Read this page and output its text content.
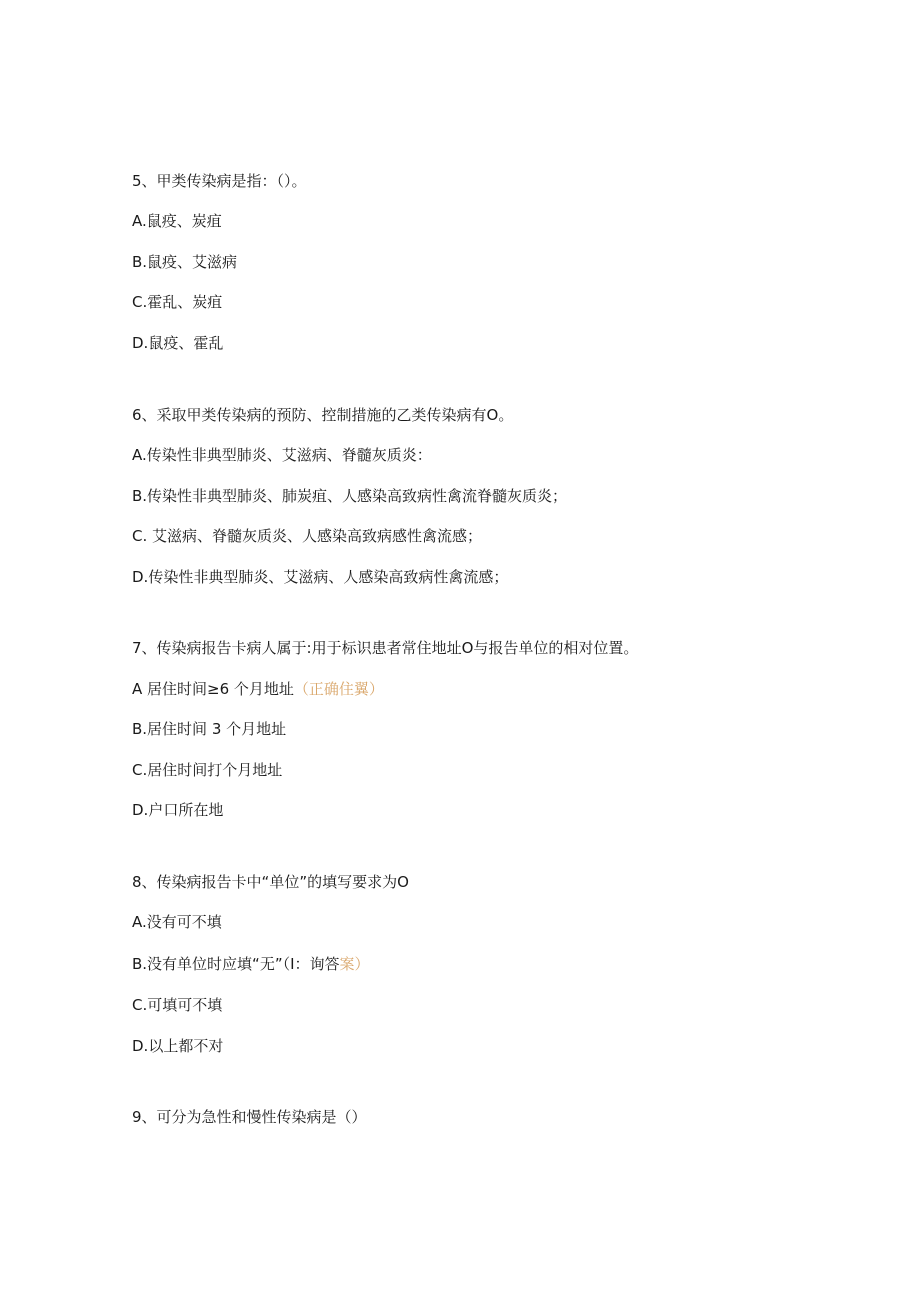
5、甲类传染病是指：（）。
A.鼠疫、炭疽
B.鼠疫、艾滋病
C.霍乱、炭疽
D.鼠疫、霍乱
6、采取甲类传染病的预防、控制措施的乙类传染病有O。
A.传染性非典型肺炎、艾滋病、脊髓灰质炎：
B.传染性非典型肺炎、肺炭疽、人感染高致病性禽流脊髓灰质炎；
C. 艾滋病、脊髓灰质炎、人感染高致病感性禽流感；
D.传染性非典型肺炎、艾滋病、人感染高致病性禽流感；
7、传染病报告卡病人属于:用于标识患者常住地址O与报告单位的相对位置。
A 居住时间≥6 个月地址（正确住翼）
B.居住时间 3 个月地址
C.居住时间打个月地址
D.户口所在地
8、传染病报告卡中“单位”的填写要求为O
A.没有可不填
B.没有单位时应填“无”（I：询答案）
C.可填可不填
D.以上都不对
9、可分为急性和慢性传染病是（）
